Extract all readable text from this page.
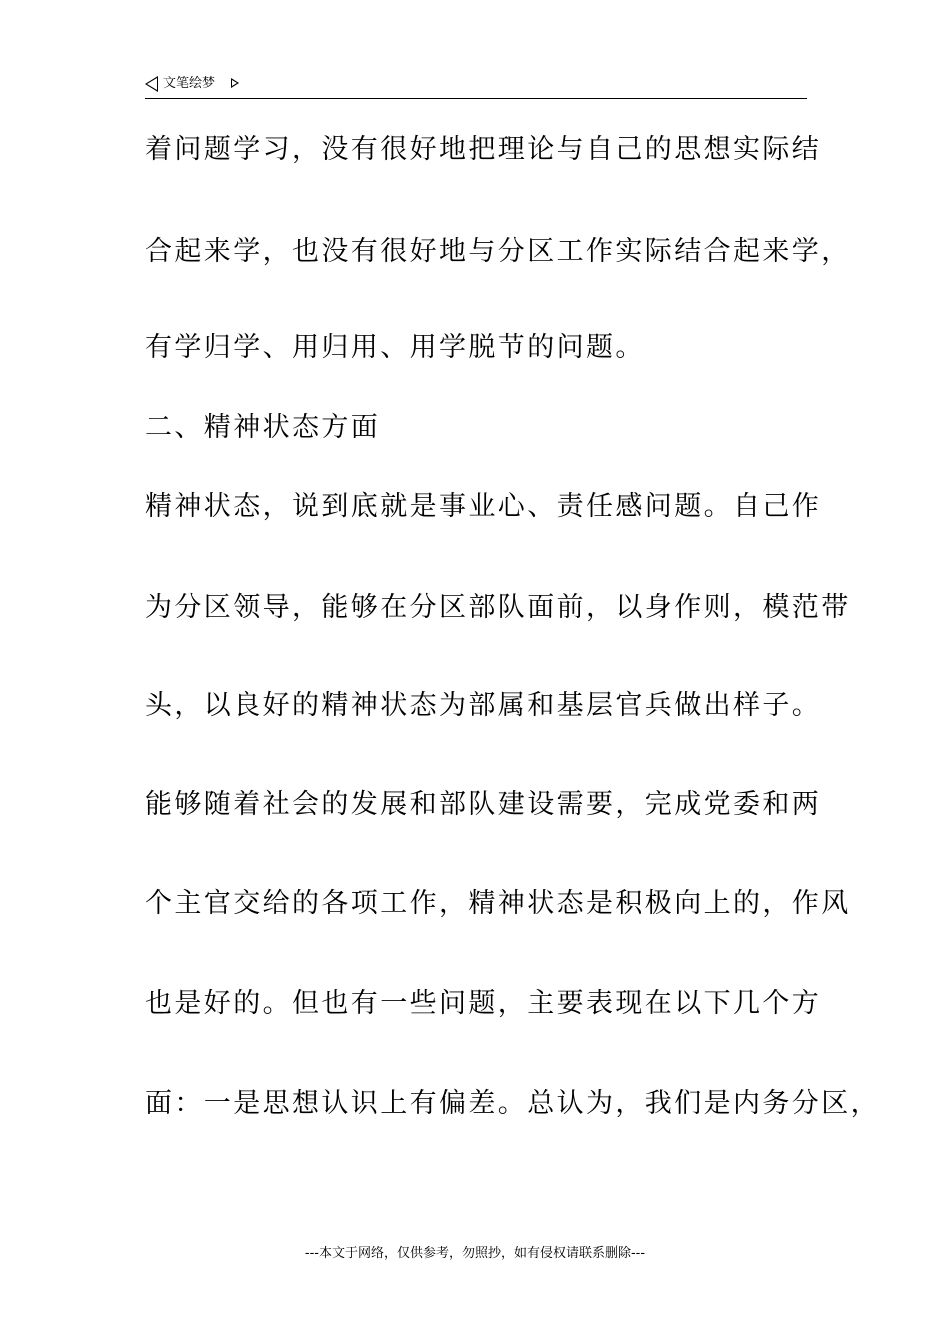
文笔绘梦
着问题学习，没有很好地把理论与自己的思想实际结
合起来学，也没有很好地与分区工作实际结合起来学，
有学归学、用归用、用学脱节的问题。
二、精神状态方面
精神状态，说到底就是事业心、责任感问题。自己作
为分区领导，能够在分区部队面前，以身作则，模范带
头，以良好的精神状态为部属和基层官兵做出样子。
能够随着社会的发展和部队建设需要，完成党委和两
个主官交给的各项工作，精神状态是积极向上的，作风
也是好的。但也有一些问题，主要表现在以下几个方
面：一是思想认识上有偏差。总认为，我们是内务分区，
---本文于网络，仅供参考，勿照抄，如有侵权请联系删除---
